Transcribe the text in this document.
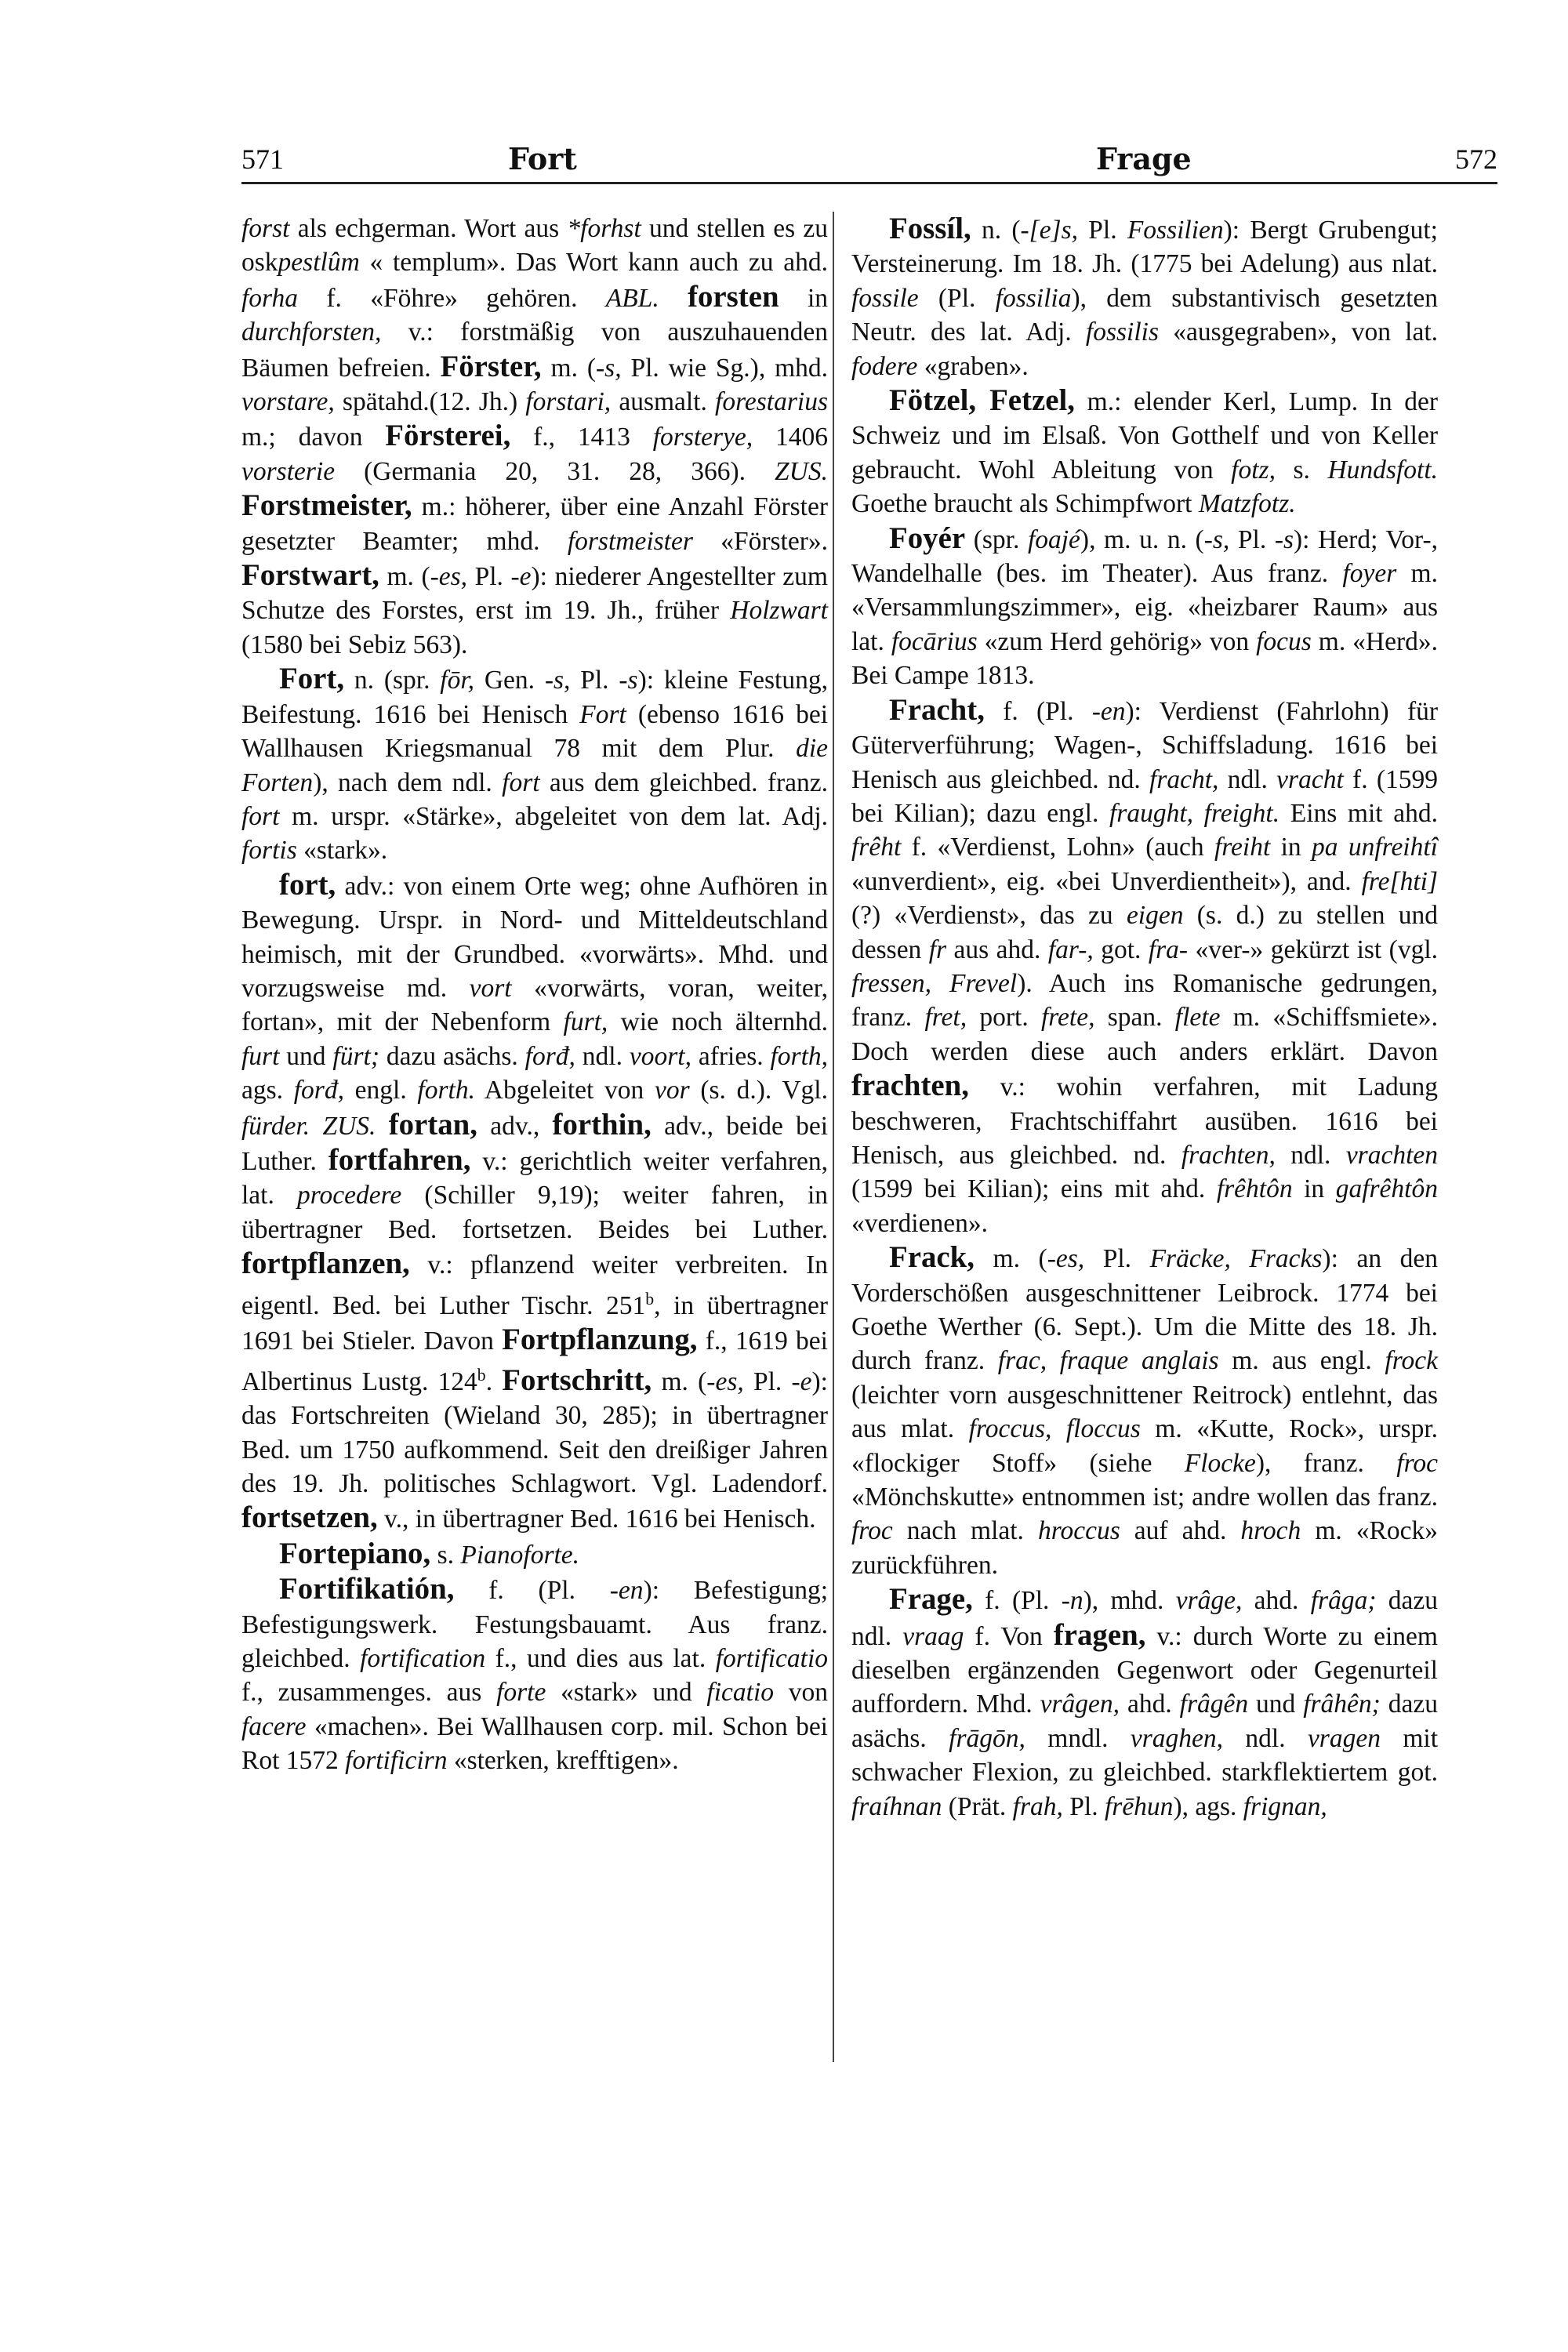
571	Fort	Frage	572

forst als echgerman. Wort aus *forhst und stellen es zu oskpestlûm « templum». Das Wort kann auch zu ahd. forha f. «Föhre» gehören. ABL. forsten in durchforsten, v.: forstmäßig von auszuhauenden Bäumen befreien. Förster, m. (-s, Pl. wie Sg.), mhd. vorstare, spätahd.(12. Jh.) forstari, ausmalt. forestarius m.; davon Försterei, f., 1413 forsterye, 1406 vorsterie (Germania 20, 31. 28, 366). ZUS. Forstmeister, m.: höherer, über eine Anzahl Förster gesetzter Beamter; mhd. forstmeister «Förster». Forstwart, m. (-es, Pl. -e): niederer Angestellter zum Schutze des Forstes, erst im 19. Jh., früher Holzwart (1580 bei Sebiz 563).

Fort, n. (spr. fōr, Gen. -s, Pl. -s): kleine Festung, Beifestung. 1616 bei Henisch Fort (ebenso 1616 bei Wallhausen Kriegsmanual 78 mit dem Plur. die Forten), nach dem ndl. fort aus dem gleichbed. franz. fort m. urspr. «Stärke», abgeleitet von dem lat. Adj. fortis «stark».

fort, adv.: von einem Orte weg; ohne Aufhören in Bewegung. Urspr. in Nord- und Mitteldeutschland heimisch, mit der Grundbed. «vorwärts». Mhd. und vorzugsweise md. vort «vorwärts, voran, weiter, fortan», mit der Nebenform furt, wie noch älternhd. furt und fürt; dazu asächs. forđ, ndl. voort, afries. forth, ags. forđ, engl. forth. Abgeleitet von vor (s. d.). Vgl. fürder. ZUS. fortan, adv., forthin, adv., beide bei Luther. fortfahren, v.: gerichtlich weiter verfahren, lat. procedere (Schiller 9,19); weiter fahren, in übertragner Bed. fortsetzen. Beides bei Luther. fortpflanzen, v.: pflanzend weiter verbreiten. In eigentl. Bed. bei Luther Tischr. 251$^b$, in übertragner 1691 bei Stieler. Davon Fortpflanzung, f., 1619 bei Albertinus Lustg. 124$^b$. Fortschritt, m. (-es, Pl. -e): das Fortschreiten (Wieland 30, 285); in übertragner Bed. um 1750 aufkommend. Seit den dreißiger Jahren des 19. Jh. politisches Schlagwort. Vgl. Ladendorf. fortsetzen, v., in übertragner Bed. 1616 bei Henisch.

Fortepiano, s. Pianoforte.

Fortifikatión, f. (Pl. -en): Befestigung; Befestigungswerk. Festungsbauamt. Aus franz. gleichbed. fortification f., und dies aus lat. fortificatio f., zusammenges. aus forte «stark» und ficatio von facere «machen». Bei Wallhausen corp. mil. Schon bei Rot 1572 fortificirn «sterken, krefftigen».

Fossíl, n. (-[e]s, Pl. Fossilien): Bergt Grubengut; Versteinerung. Im 18. Jh. (1775 bei Adelung) aus nlat. fossile (Pl. fossilia), dem substantivisch gesetzten Neutr. des lat. Adj. fossilis «ausgegraben», von lat. fodere «graben».

Fötzel, Fetzel, m.: elender Kerl, Lump. In der Schweiz und im Elsaß. Von Gotthelf und von Keller gebraucht. Wohl Ableitung von fotz, s. Hundsfott. Goethe braucht als Schimpfwort Matzfotz.

Foyér (spr. foajé), m. u. n. (-s, Pl. -s): Herd; Vor-, Wandelhalle (bes. im Theater). Aus franz. foyer m. «Versammlungszimmer», eig. «heizbarer Raum» aus lat. focārius «zum Herd gehörig» von focus m. «Herd». Bei Campe 1813.

Fracht, f. (Pl. -en): Verdienst (Fahrlohn) für Güterverführung; Wagen-, Schiffsladung. 1616 bei Henisch aus gleichbed. nd. fracht, ndl. vracht f. (1599 bei Kilian); dazu engl. fraught, freight. Eins mit ahd. frêht f. «Verdienst, Lohn» (auch freiht in pa unfreihtî «unverdient», eig. «bei Unverdientheit»), and. fre[hti] (?) «Verdienst», das zu eigen (s. d.) zu stellen und dessen fr aus ahd. far-, got. fra- «ver-» gekürzt ist (vgl. fressen, Frevel). Auch ins Romanische gedrungen, franz. fret, port. frete, span. flete m. «Schiffsmiete». Doch werden diese auch anders erklärt. Davon frachten, v.: wohin verfahren, mit Ladung beschweren, Frachtschiffahrt ausüben. 1616 bei Henisch, aus gleichbed. nd. frachten, ndl. vrachten (1599 bei Kilian); eins mit ahd. frêhtôn in gafrêhtôn «verdienen».

Frack, m. (-es, Pl. Fräcke, Fracks): an den Vorderschößen ausgeschnittener Leibrock. 1774 bei Goethe Werther (6. Sept.). Um die Mitte des 18. Jh. durch franz. frac, fraque anglais m. aus engl. frock (leichter vorn ausgeschnittener Reitrock) entlehnt, das aus mlat. froccus, floccus m. «Kutte, Rock», urspr. «flockiger Stoff» (siehe Flocke), franz. froc «Mönchskutte» entnommen ist; andre wollen das franz. froc nach mlat. hroccus auf ahd. hroch m. «Rock» zurückführen.

Frage, f. (Pl. -n), mhd. vrâge, ahd. frâga; dazu ndl. vraag f. Von fragen, v.: durch Worte zu einem dieselben ergänzenden Gegenwort oder Gegenurteil auffordern. Mhd. vrâgen, ahd. frâgên und frâhên; dazu asächs. frāgōn, mndl. vraghen, ndl. vragen mit schwacher Flexion, zu gleichbed. starkflektiertem got. fraíhnan (Prät. frah, Pl. frēhun), ags. frignan,
